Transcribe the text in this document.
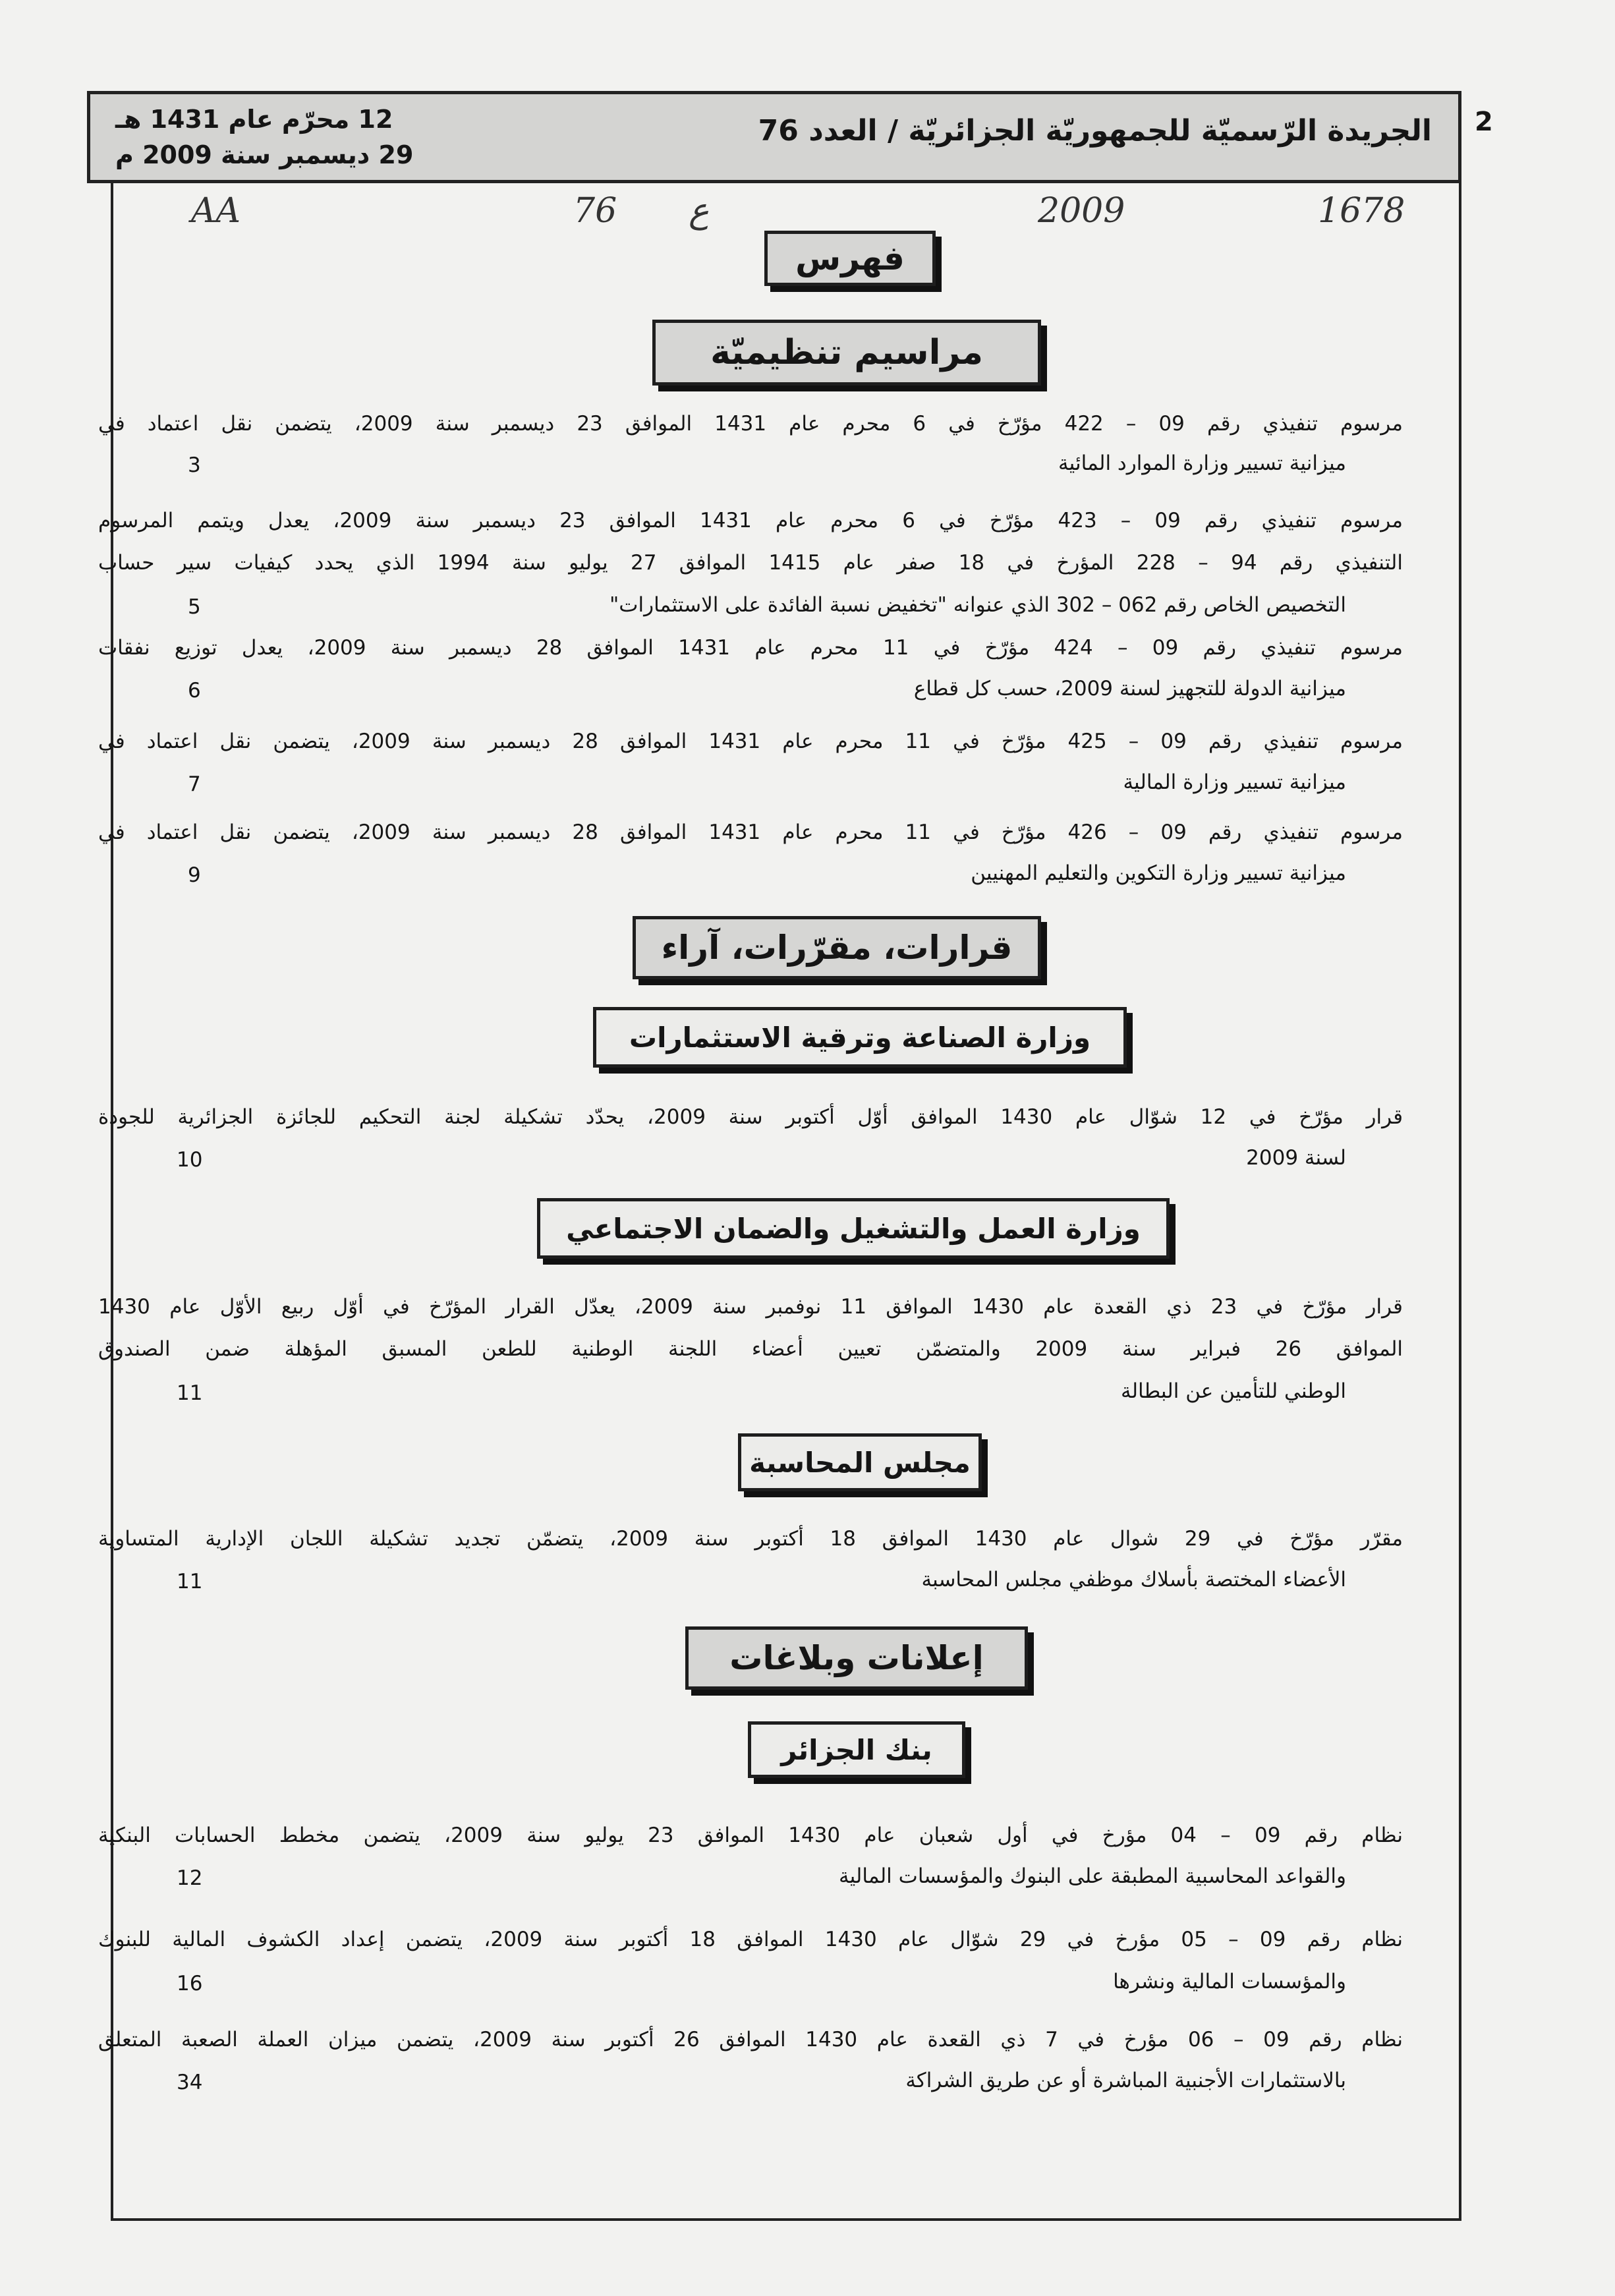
2
الجريدة الرّسميّة للجمهوريّة الجزائريّة / العدد 76
12 محرّم عام 1431 هـ
29 ديسمبر سنة 2009 م
AA	76 ع	2009	1678
فهرس
مراسيم تنظيميّة
مرسوم تنفيذي رقم 09 – 422 مؤرّخ في 6 محرم عام 1431 الموافق 23 ديسمبر سنة 2009، يتضمن نقل اعتماد في
ميزانية تسيير وزارة الموارد المائية
3
مرسوم تنفيذي رقم 09 – 423 مؤرّخ في 6 محرم عام 1431 الموافق 23 ديسمبر سنة 2009، يعدل ويتمم المرسوم
التنفيذي رقم 94 – 228 المؤرخ في 18 صفر عام 1415 الموافق 27 يوليو سنة 1994 الذي يحدد كيفيات سير حساب
التخصيص الخاص رقم 062 – 302 الذي عنوانه "تخفيض نسبة الفائدة على الاستثمارات"
5
مرسوم تنفيذي رقم 09 – 424 مؤرّخ في 11 محرم عام 1431 الموافق 28 ديسمبر سنة 2009، يعدل توزيع نفقات
ميزانية الدولة للتجهيز لسنة 2009، حسب كل قطاع
6
مرسوم تنفيذي رقم 09 – 425 مؤرّخ في 11 محرم عام 1431 الموافق 28 ديسمبر سنة 2009، يتضمن نقل اعتماد في
ميزانية تسيير وزارة المالية
7
مرسوم تنفيذي رقم 09 – 426 مؤرّخ في 11 محرم عام 1431 الموافق 28 ديسمبر سنة 2009، يتضمن نقل اعتماد في
ميزانية تسيير وزارة التكوين والتعليم المهنيين
9
قرارات، مقرّرات، آراء
وزارة الصناعة وترقية الاستثمارات
قرار مؤرّخ في 12 شوّال عام 1430 الموافق أوّل أكتوبر سنة 2009، يحدّد تشكيلة لجنة التحكيم للجائزة الجزائرية للجودة
لسنة 2009
10
وزارة العمل والتشغيل والضمان الاجتماعي
قرار مؤرّخ في 23 ذي القعدة عام 1430 الموافق 11 نوفمبر سنة 2009، يعدّل القرار المؤرّخ في أوّل ربيع الأوّل عام 1430
الموافق 26 فبراير سنة 2009 والمتضمّن تعيين أعضاء اللجنة الوطنية للطعن المسبق المؤهلة ضمن الصندوق
الوطني للتأمين عن البطالة
11
مجلس المحاسبة
مقرّر مؤرّخ في 29 شوال عام 1430 الموافق 18 أكتوبر سنة 2009، يتضمّن تجديد تشكيلة اللجان الإدارية المتساوية
الأعضاء المختصة بأسلاك موظفي مجلس المحاسبة
11
إعلانات وبلاغات
بنك الجزائر
نظام رقم 09 – 04 مؤرخ في أول شعبان عام 1430 الموافق 23 يوليو سنة 2009، يتضمن مخطط الحسابات البنكية
والقواعد المحاسبية المطبقة على البنوك والمؤسسات المالية
12
نظام رقم 09 – 05 مؤرخ في 29 شوّال عام 1430 الموافق 18 أكتوبر سنة 2009، يتضمن إعداد الكشوف المالية للبنوك
والمؤسسات المالية ونشرها
16
نظام رقم 09 – 06 مؤرخ في 7 ذي القعدة عام 1430 الموافق 26 أكتوبر سنة 2009، يتضمن ميزان العملة الصعبة المتعلق
بالاستثمارات الأجنبية المباشرة أو عن طريق الشراكة
34
